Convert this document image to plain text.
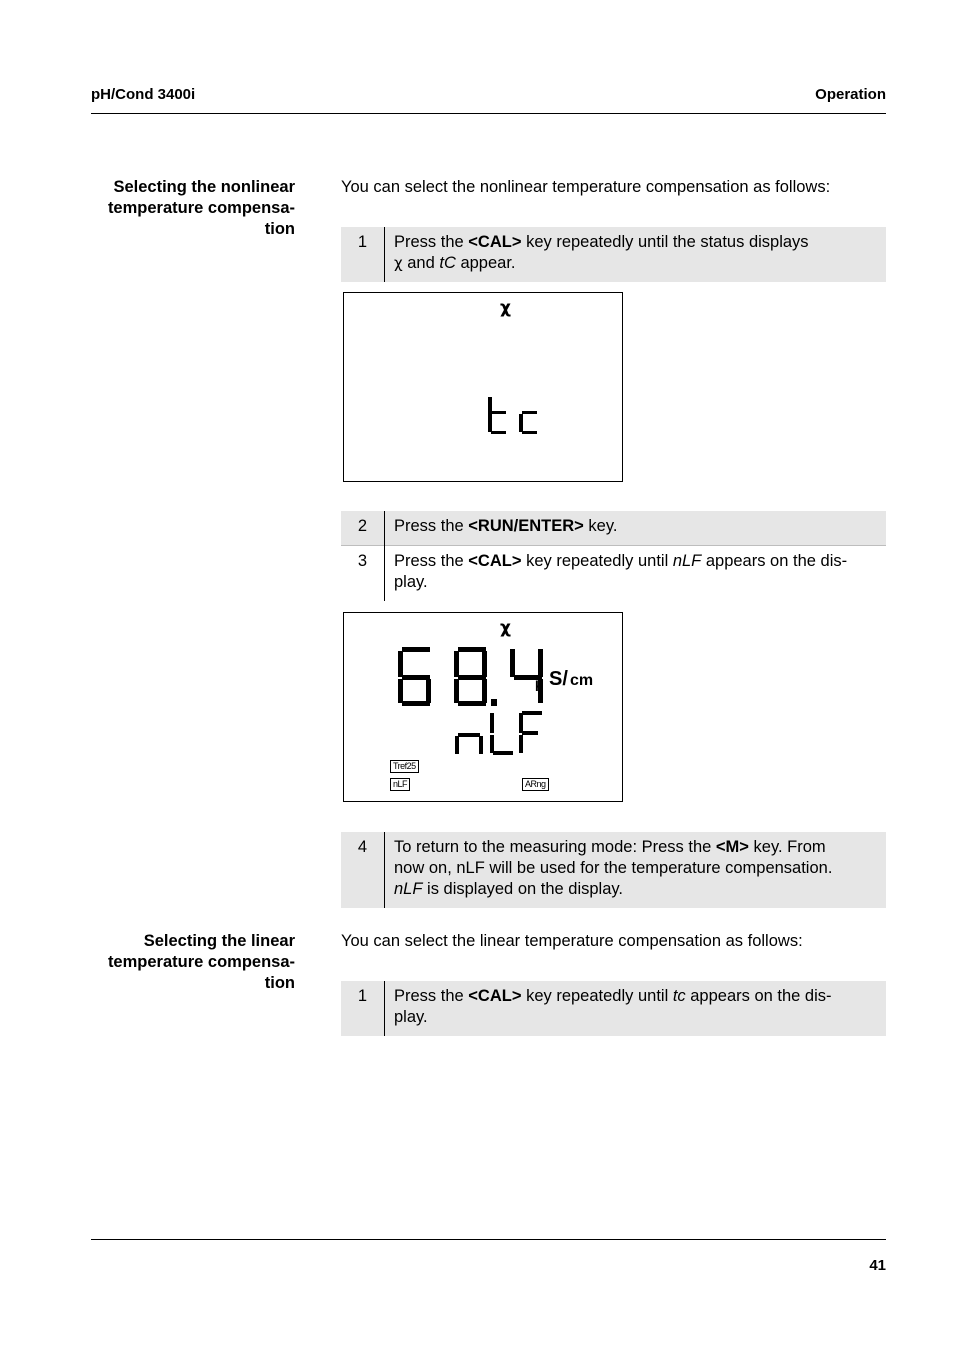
pH/Cond 3400i	Operation
Selecting the nonlinear
temperature compensa-
tion
You can select the nonlinear temperature compensation as follows:
1	Press the <CAL> key repeatedly until the status displays
χ and tC appear.
χ
2	Press the <RUN/ENTER> key.
3	Press the <CAL> key repeatedly until nLF appears on the dis-
play.
χ
µ S/ cm
Tref25
nLF	ARng
4	To return to the measuring mode: Press the <M> key. From
now on, nLF will be used for the temperature compensation.
nLF is displayed on the display.
Selecting the linear
temperature compensa-
tion
You can select the linear temperature compensation as follows:
1	Press the <CAL> key repeatedly until tc appears on the dis-
play.
41
